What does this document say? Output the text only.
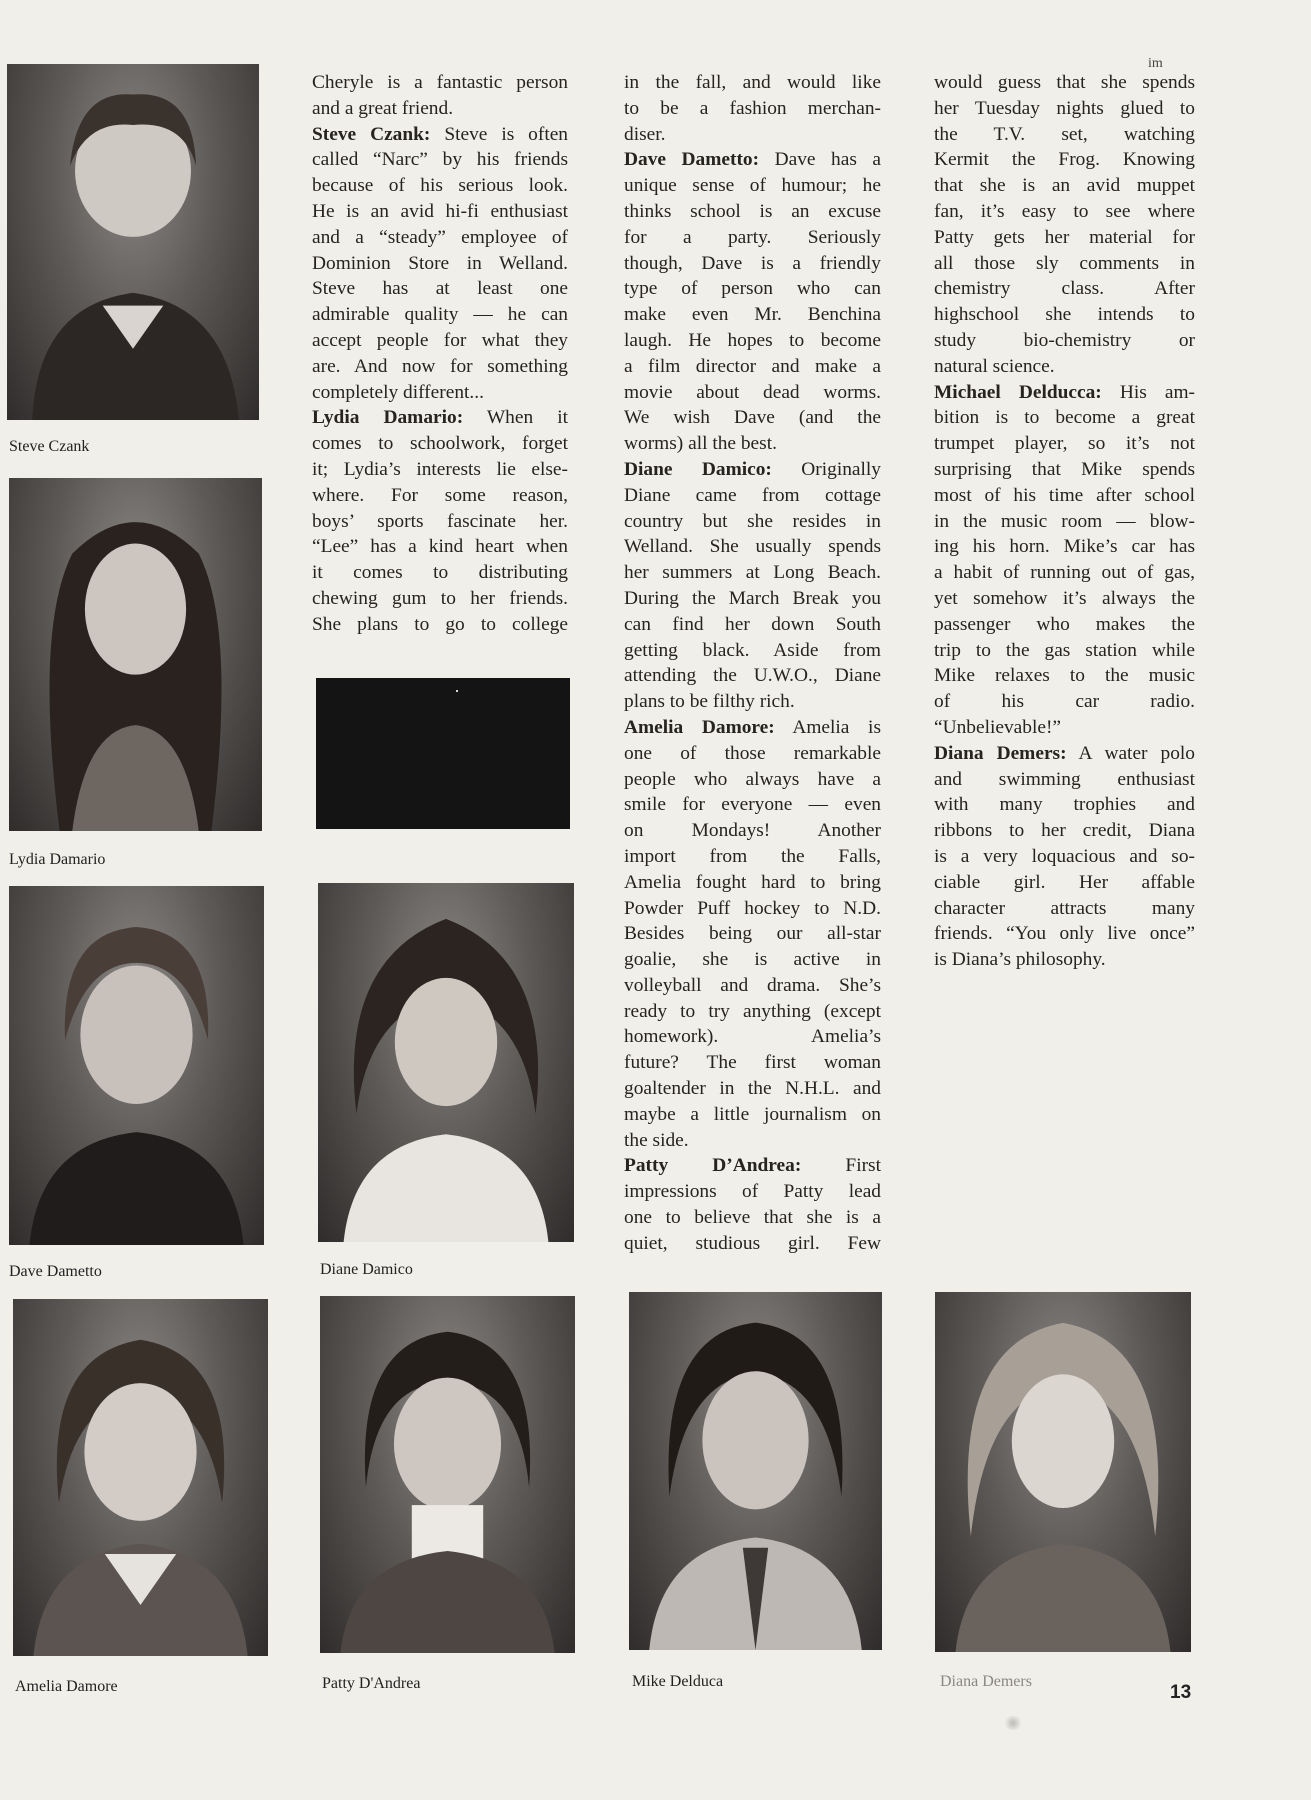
Steve Czank
Lydia Damario
Dave Dametto	Diane Damico
Amelia Damore	Patty D'Andrea	Mike Delduca	Diana Demers
Cheryle is a fantastic person
and a great friend.
Steve Czank: Steve is often
called “Narc” by his friends
because of his serious look.
He is an avid hi-fi enthusiast
and a “steady” employee of
Dominion Store in Welland.
Steve has at least one
admirable quality — he can
accept people for what they
are. And now for something
completely different...
Lydia Damario: When it
comes to schoolwork, forget
it; Lydia’s interests lie else-
where. For some reason,
boys’ sports fascinate her.
“Lee” has a kind heart when
it comes to distributing
chewing gum to her friends.
She plans to go to college
in the fall, and would like
to be a fashion merchan-
diser.
Dave Dametto: Dave has a
unique sense of humour; he
thinks school is an excuse
for a party. Seriously
though, Dave is a friendly
type of person who can
make even Mr. Benchina
laugh. He hopes to become
a film director and make a
movie about dead worms.
We wish Dave (and the
worms) all the best.
Diane Damico: Originally
Diane came from cottage
country but she resides in
Welland. She usually spends
her summers at Long Beach.
During the March Break you
can find her down South
getting black. Aside from
attending the U.W.O., Diane
plans to be filthy rich.
Amelia Damore: Amelia is
one of those remarkable
people who always have a
smile for everyone — even
on Mondays! Another
import from the Falls,
Amelia fought hard to bring
Powder Puff hockey to N.D.
Besides being our all-star
goalie, she is active in
volleyball and drama. She’s
ready to try anything (except
homework). Amelia’s
future? The first woman
goaltender in the N.H.L. and
maybe a little journalism on
the side.
Patty D’Andrea: First
impressions of Patty lead
one to believe that she is a
quiet, studious girl. Few
would guess that she spends
her Tuesday nights glued to
the T.V. set, watching
Kermit the Frog. Knowing
that she is an avid muppet
fan, it’s easy to see where
Patty gets her material for
all those sly comments in
chemistry class. After
highschool she intends to
study bio-chemistry or
natural science.
Michael Delducca: His am-
bition is to become a great
trumpet player, so it’s not
surprising that Mike spends
most of his time after school
in the music room — blow-
ing his horn. Mike’s car has
a habit of running out of gas,
yet somehow it’s always the
passenger who makes the
trip to the gas station while
Mike relaxes to the music
of his car radio.
“Unbelievable!”
Diana Demers: A water polo
and swimming enthusiast
with many trophies and
ribbons to her credit, Diana
is a very loquacious and so-
ciable girl. Her affable
character attracts many
friends. “You only live once”
is Diana’s philosophy.
im
13
